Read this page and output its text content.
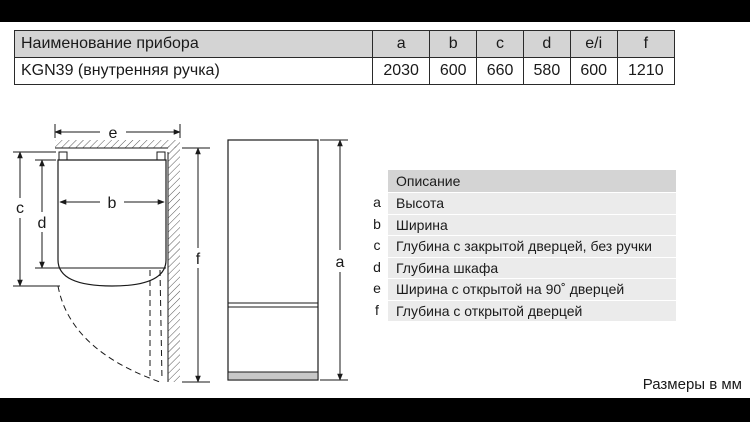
Наименование прибора	a	b	c	d	e/i	f
KGN39 (внутренняя ручка)	2030	600	660	580	600	1210
e
b
c
d
f	a
Описание
a	Высота
b	Ширина
c	Глубина с закрытой дверцей, без ручки
d	Глубина шкафа
e	Ширина с открытой на 90˚ дверцей
f	Глубина с открытой дверцей
Размеры в мм
